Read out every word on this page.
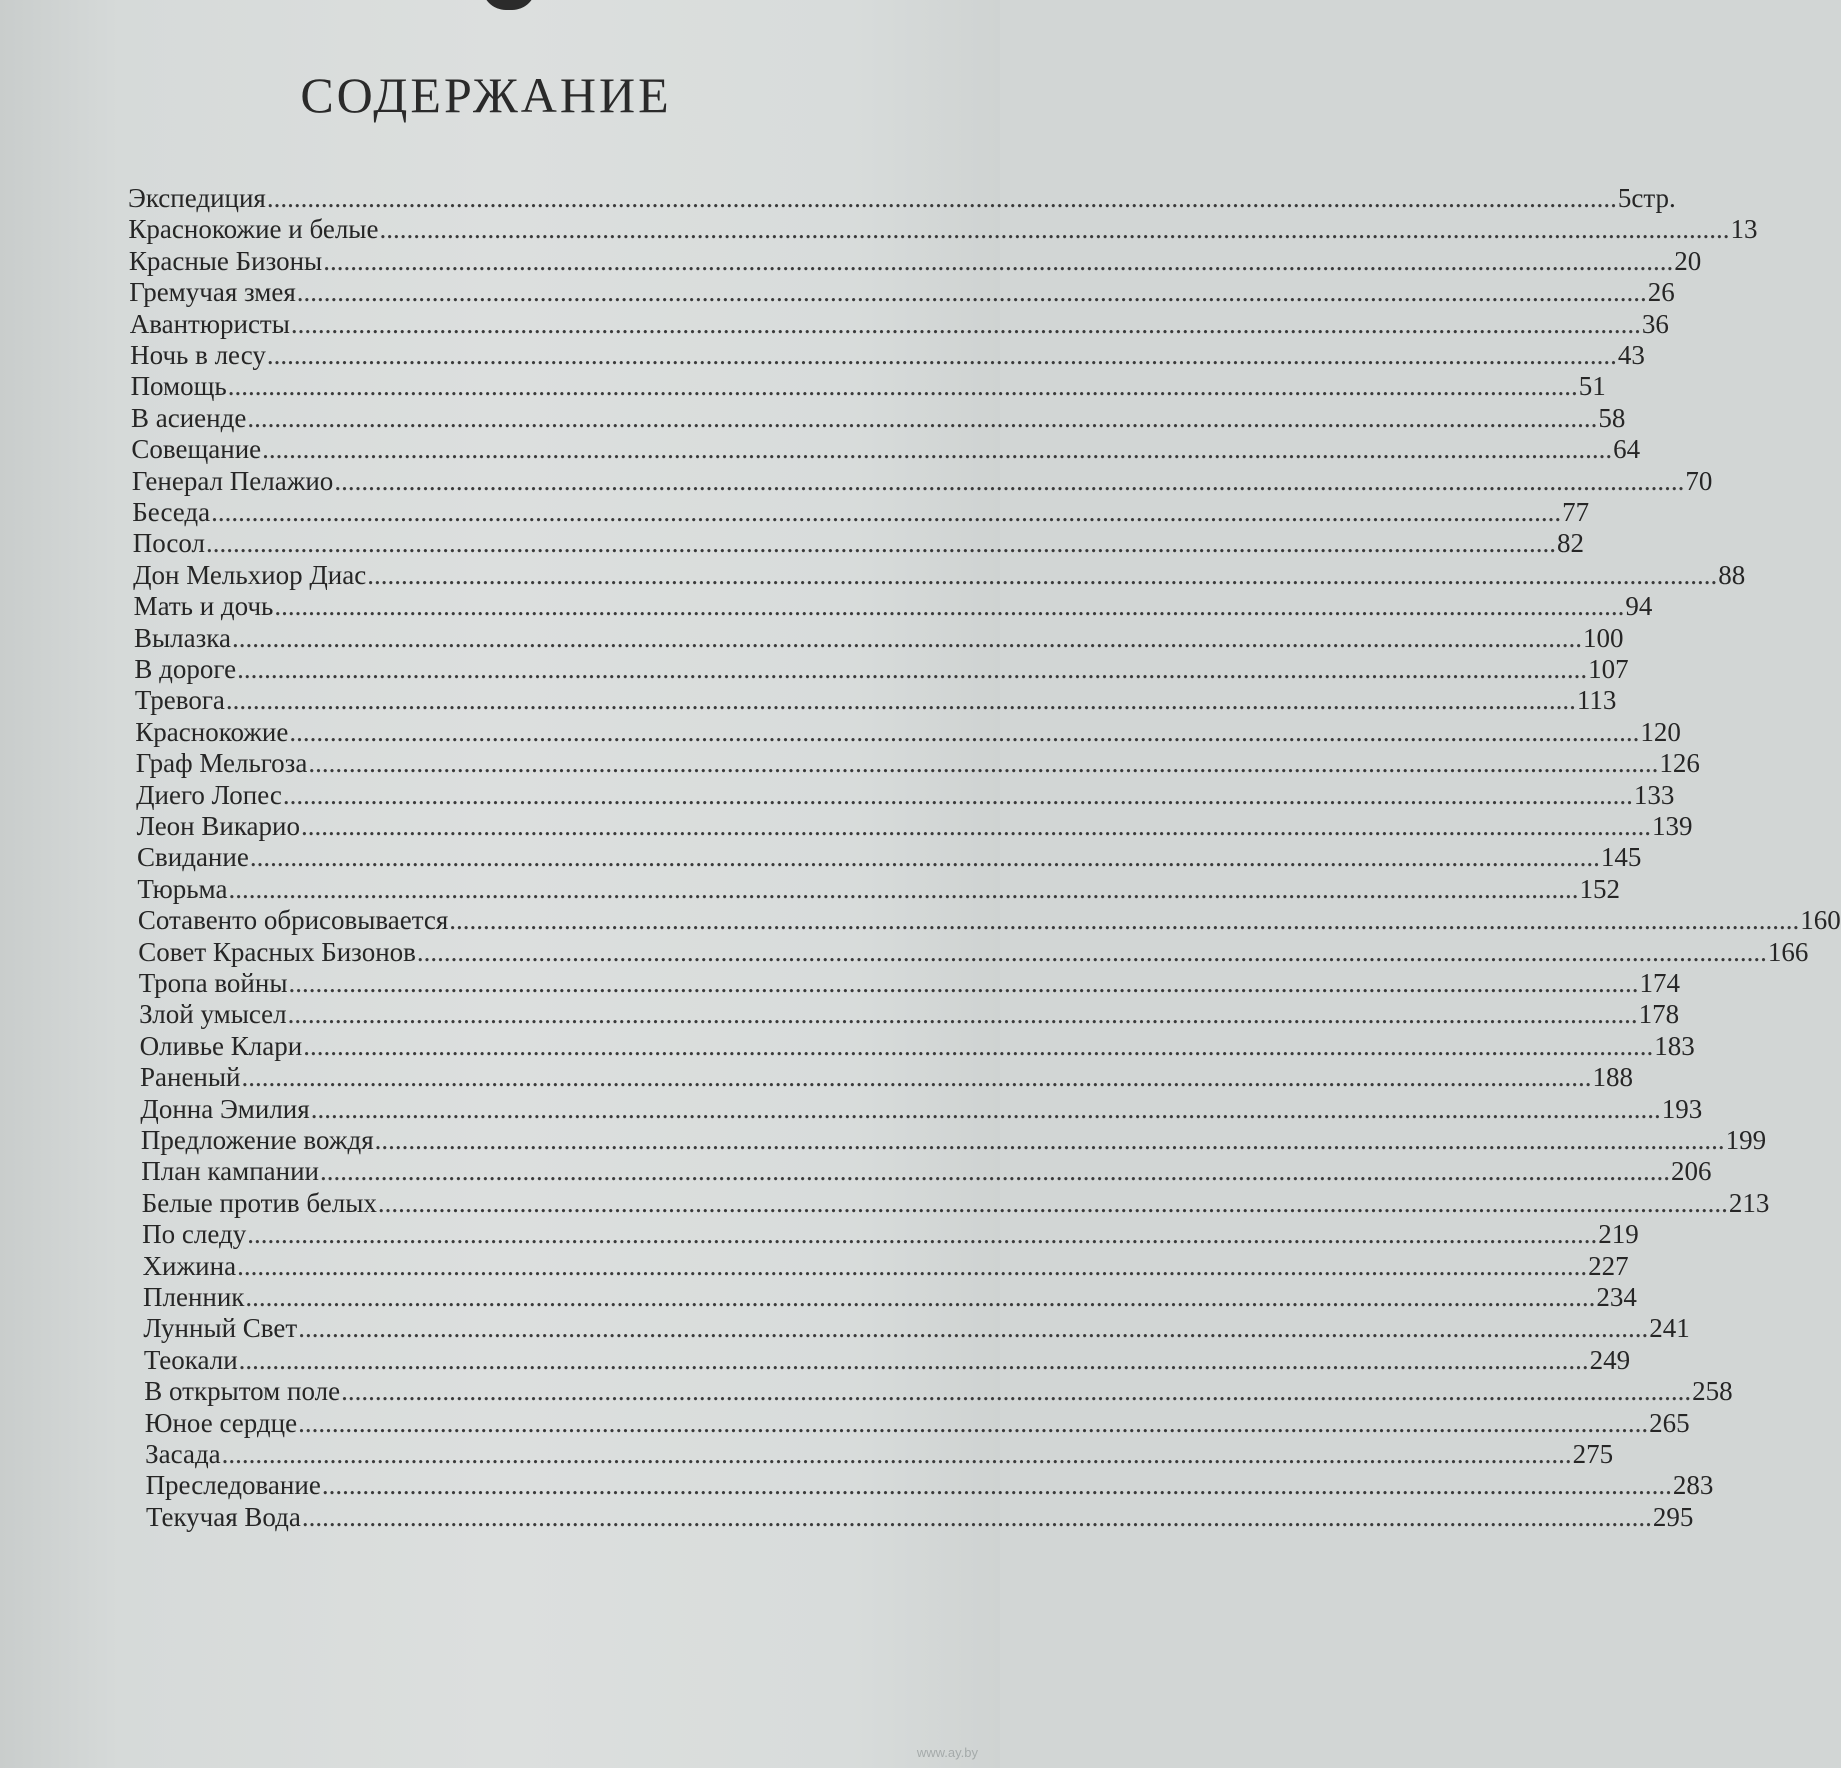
СОДЕРЖАНИЕ
Экспедиция ........................................................................................................................................................................................................ 5стр.
Краснокожие и белые ........................................................................................................................................................................................................ 13
Красные Бизоны ........................................................................................................................................................................................................ 20
Гремучая змея ........................................................................................................................................................................................................ 26
Авантюристы ........................................................................................................................................................................................................ 36
Ночь в лесу ........................................................................................................................................................................................................ 43
Помощь ........................................................................................................................................................................................................ 51
В асиенде ........................................................................................................................................................................................................ 58
Совещание ........................................................................................................................................................................................................ 64
Генерал Пелажио ........................................................................................................................................................................................................ 70
Беседа ........................................................................................................................................................................................................ 77
Посол ........................................................................................................................................................................................................ 82
Дон Мельхиор Диас ........................................................................................................................................................................................................ 88
Мать и дочь ........................................................................................................................................................................................................ 94
Вылазка ........................................................................................................................................................................................................ 100
В дороге ........................................................................................................................................................................................................ 107
Тревога ........................................................................................................................................................................................................ 113
Краснокожие ........................................................................................................................................................................................................ 120
Граф Мельгоза ........................................................................................................................................................................................................ 126
Диего Лопес ........................................................................................................................................................................................................ 133
Леон Викарио ........................................................................................................................................................................................................ 139
Свидание ........................................................................................................................................................................................................ 145
Тюрьма ........................................................................................................................................................................................................ 152
Сотавенто обрисовывается ........................................................................................................................................................................................................ 160
Совет Красных Бизонов ........................................................................................................................................................................................................ 166
Тропа войны ........................................................................................................................................................................................................ 174
Злой умысел ........................................................................................................................................................................................................ 178
Оливье Клари ........................................................................................................................................................................................................ 183
Раненый ........................................................................................................................................................................................................ 188
Донна Эмилия ........................................................................................................................................................................................................ 193
Предложение вождя ........................................................................................................................................................................................................ 199
План кампании ........................................................................................................................................................................................................ 206
Белые против белых ........................................................................................................................................................................................................ 213
По следу ........................................................................................................................................................................................................ 219
Хижина ........................................................................................................................................................................................................ 227
Пленник ........................................................................................................................................................................................................ 234
Лунный Свет ........................................................................................................................................................................................................ 241
Теокали ........................................................................................................................................................................................................ 249
В открытом поле ........................................................................................................................................................................................................ 258
Юное сердце ........................................................................................................................................................................................................ 265
Засада ........................................................................................................................................................................................................ 275
Преследование ........................................................................................................................................................................................................ 283
Текучая Вода ........................................................................................................................................................................................................ 295
www.ay.by
